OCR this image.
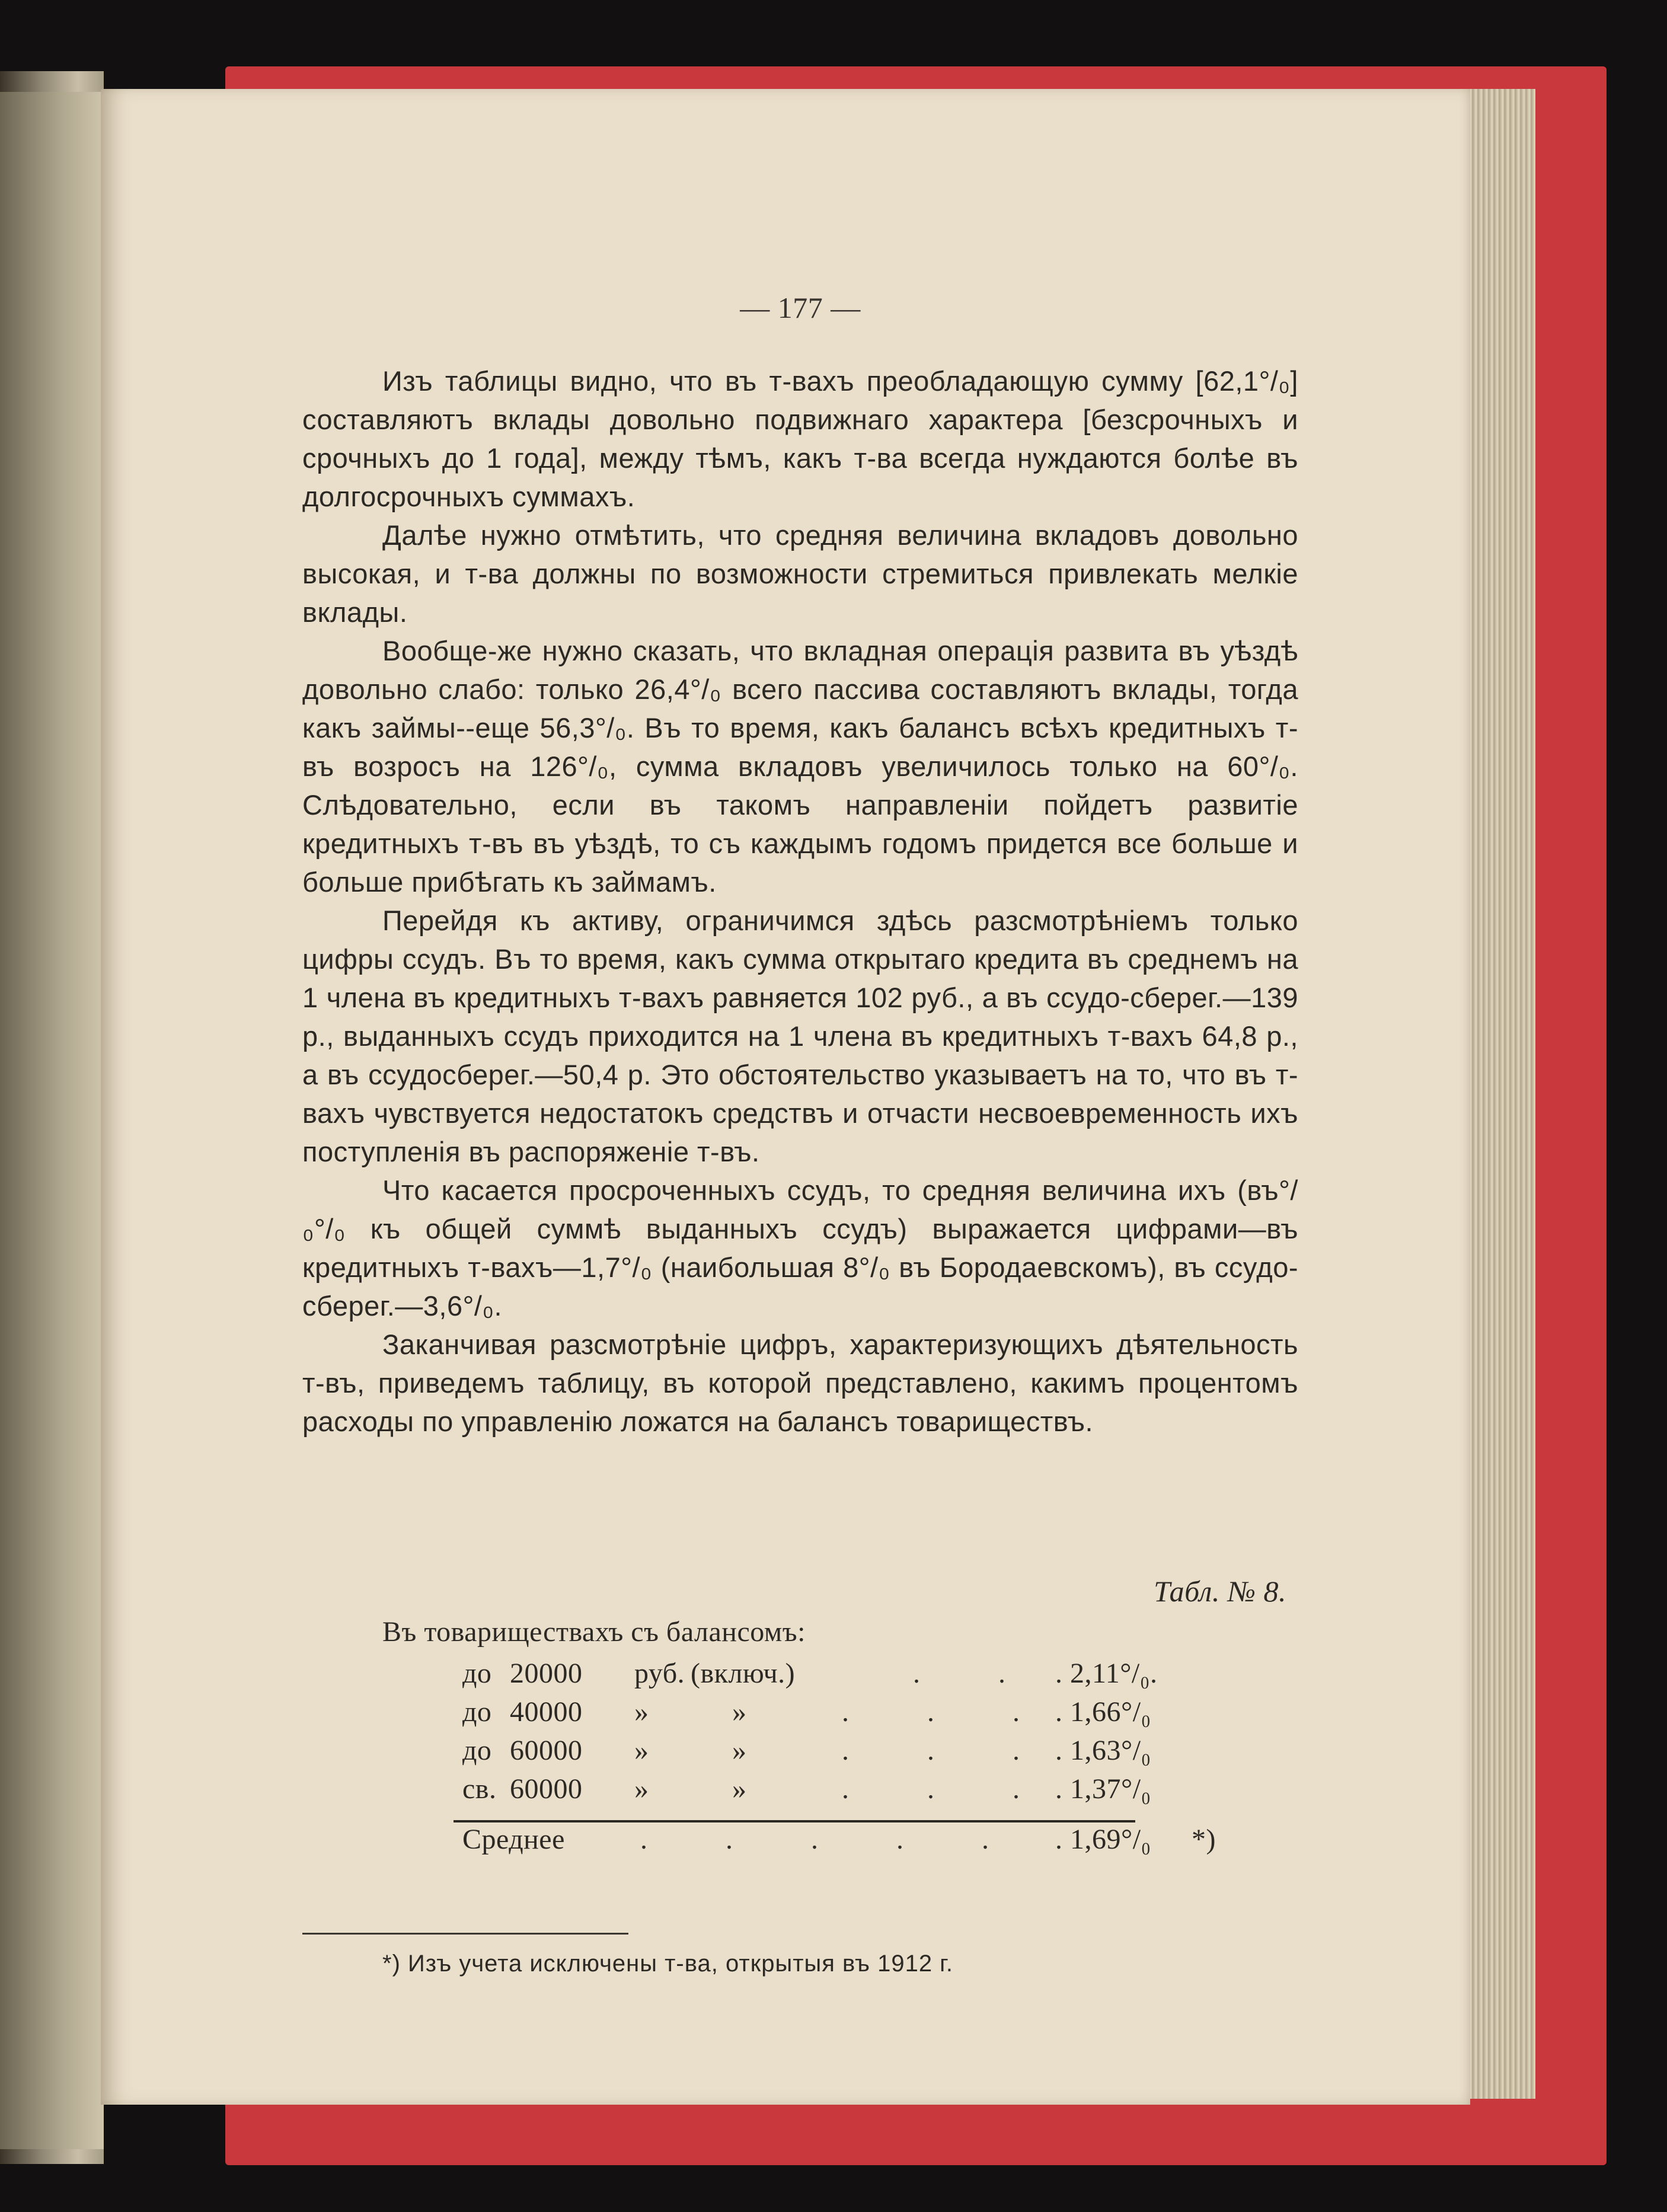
— 177 —

Изъ таблицы видно, что въ т-вахъ преобладающую сумму [62,1°/₀] составляютъ вклады довольно подвижнаго характера [безсрочныхъ и срочныхъ до 1 года], между тѣмъ, какъ т-ва всегда нуждаются болѣе въ долгосрочныхъ суммахъ.

Далѣе нужно отмѣтить, что средняя величина вкладовъ довольно высокая, и т-ва должны по возможности стремиться привлекать мелкіе вклады.

Вообще-же нужно сказать, что вкладная операція развита въ уѣздѣ довольно слабо: только 26,4°/₀ всего пассива составляютъ вклады, тогда какъ займы--еще 56,3°/₀. Въ то время, какъ балансъ всѣхъ кредитныхъ т-въ возросъ на 126°/₀, сумма вкладовъ увеличилось только на 60°/₀. Слѣдовательно, если въ такомъ направленіи пойдетъ развитіе кредитныхъ т-въ въ уѣздѣ, то съ каждымъ годомъ придется все больше и больше прибѣгать къ займамъ.

Перейдя къ активу, ограничимся здѣсь разсмотрѣніемъ только цифры ссудъ. Въ то время, какъ сумма открытаго кредита въ среднемъ на 1 члена въ кредитныхъ т-вахъ равняется 102 руб., а въ ссудо-сберег.—139 р., выданныхъ ссудъ приходится на 1 члена въ кредитныхъ т-вахъ 64,8 р., а въ ссудосберег.—50,4 р. Это обстоятельство указываетъ на то, что въ т-вахъ чувствуется недостатокъ средствъ и отчасти несвоевременность ихъ поступленія въ распоряженіе т-въ.

Что касается просроченныхъ ссудъ, то средняя величина ихъ (въ°/₀°/₀ къ общей суммѣ выданныхъ ссудъ) выражается цифрами—въ кредитныхъ т-вахъ—1,7°/₀ (наибольшая 8°/₀ въ Бородаевскомъ), въ ссудо-сберег.—3,6°/₀.

Заканчивая разсмотрѣніе цифръ, характеризующихъ дѣятельность т-въ, приведемъ таблицу, въ которой представлено, какимъ процентомъ расходы по управленію ложатся на балансъ товариществъ.

Табл. № 8.
Въ товариществахъ съ балансомъ:
до 20000 руб. (включ.)	. . . 2,11°/₀.
до 40000 »	»	. . . . 1,66°/₀
до 60000 »	»	. . . . 1,63°/₀
св. 60000 »	»	. . . . 1,37°/₀
Среднее	. . . . . . 1,69°/₀ *)
*) Изъ учета исключены т-ва, открытыя въ 1912 г.
